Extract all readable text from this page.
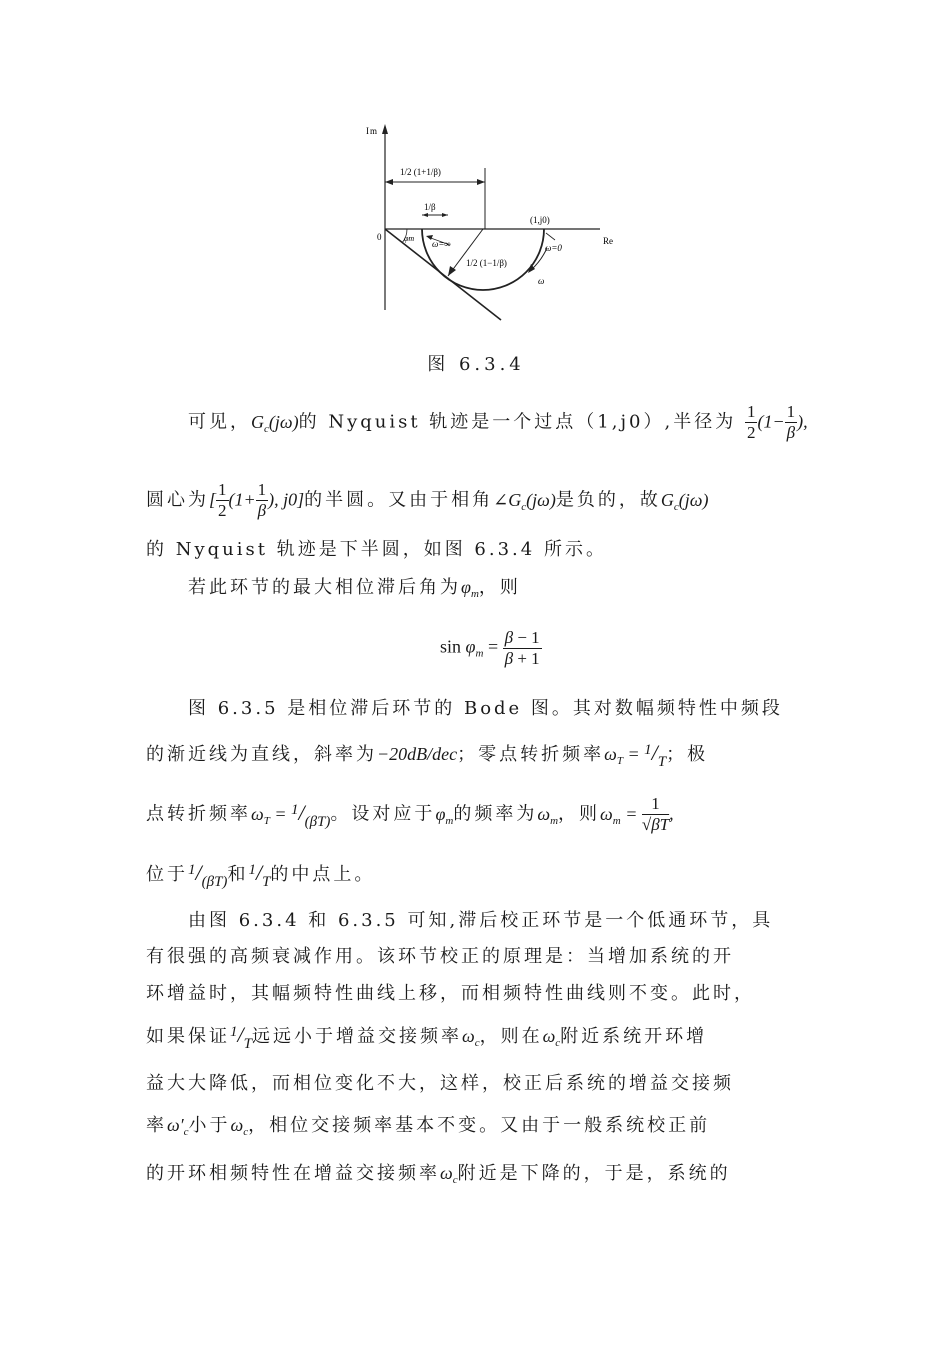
Im
Re
0
1/2 (1+1/β)
1/β
1/2 (1−1/β)
φm
ω=∞
(1,j0)
ω=0
ω
图 6.3.4
可见，$G_c(j\omega)$的 Nyquist 轨迹是一个过点（1,j0）,半径为 $\frac{1}{2} (1- \frac{1}{\beta}$ ),
圆心为[ $\frac{1}{2} (1+ \frac{1}{\beta}$ ), j0]的半圆。又由于相角$\angle G_c(j\omega)$是负的，故$G_c(j\omega)$
的 Nyquist 轨迹是下半圆，如图 6.3.4 所示。
若此环节的最大相位滞后角为$\varphi_m$，则
$\sin \varphi_m = \frac{\beta - 1}{\beta + 1}$
图 6.3.5 是相位滞后环节的 Bode 图。其对数幅频特性中频段
的渐近线为直线，斜率为−20dB/dec；零点转折频率$\omega_T = ^1/_T$；极
点转折频率$\omega_T = ^1/_{(\beta T)}$。设对应于$\varphi_m$的频率为$\omega_m$，则$\omega_m = \frac{1}{√\beta T}$ ,
位于$^1/_{(\beta T)}$和$^1/_T$的中点上。
由图 6.3.4 和 6.3.5 可知,滞后校正环节是一个低通环节，具
有很强的高频衰减作用。该环节校正的原理是：当增加系统的开
环增益时，其幅频特性曲线上移，而相频特性曲线则不变。此时，
如果保证$^1/_T$远远小于增益交接频率$\omega_c$，则在$\omega_c$附近系统开环增
益大大降低，而相位变化不大，这样，校正后系统的增益交接频
率$\omega'_c$小于$\omega_c$，相位交接频率基本不变。又由于一般系统校正前
的开环相频特性在增益交接频率$\omega_c$附近是下降的，于是，系统的
